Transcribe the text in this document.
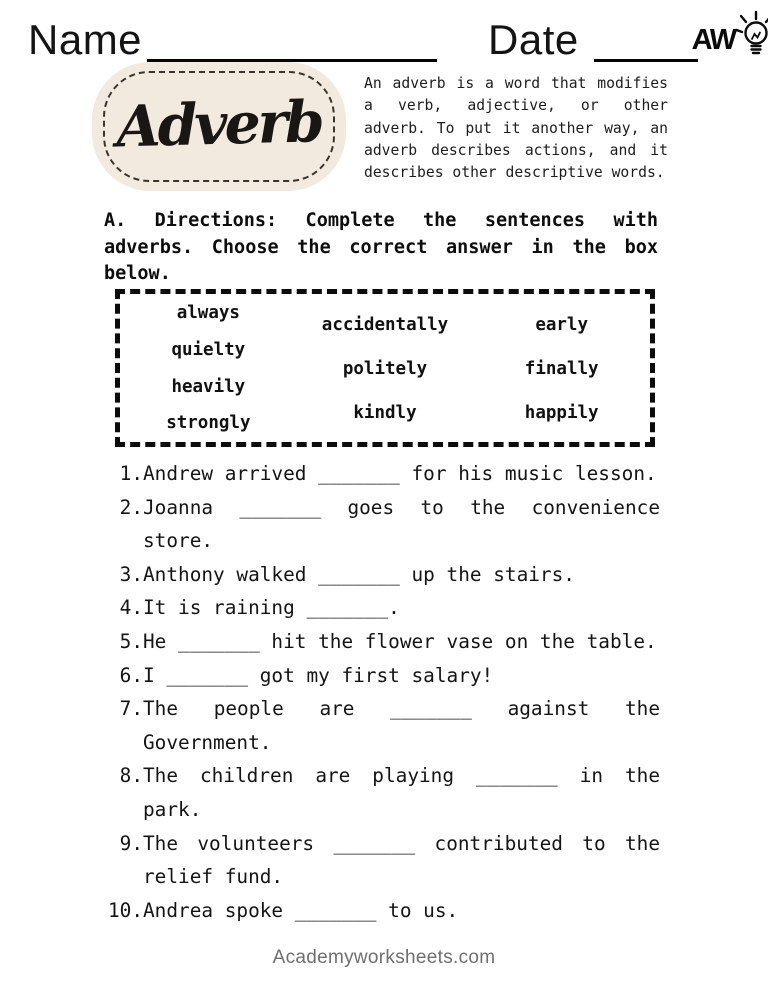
Name	Date	AW
Adverb
An adverb is a word that modifies
a verb, adjective, or other
adverb. To put it another way, an
adverb describes actions, and it
describes other descriptive words.
A. Directions: Complete the sentences with
adverbs. Choose the correct answer in the box
below.
always
quielty
heavily
strongly
accidentally
politely
kindly
early
finally
happily
1. Andrew arrived _______ for his music lesson.
2. Joanna _______ goes to the convenience
store.
3. Anthony walked _______ up the stairs.
4. It is raining _______.
5. He _______ hit the flower vase on the table.
6. I _______ got my first salary!
7. The people are _______ against the
Government.
8. The children are playing _______ in the
park.
9. The volunteers _______ contributed to the
relief fund.
10. Andrea spoke _______ to us.
Academyworksheets.com
